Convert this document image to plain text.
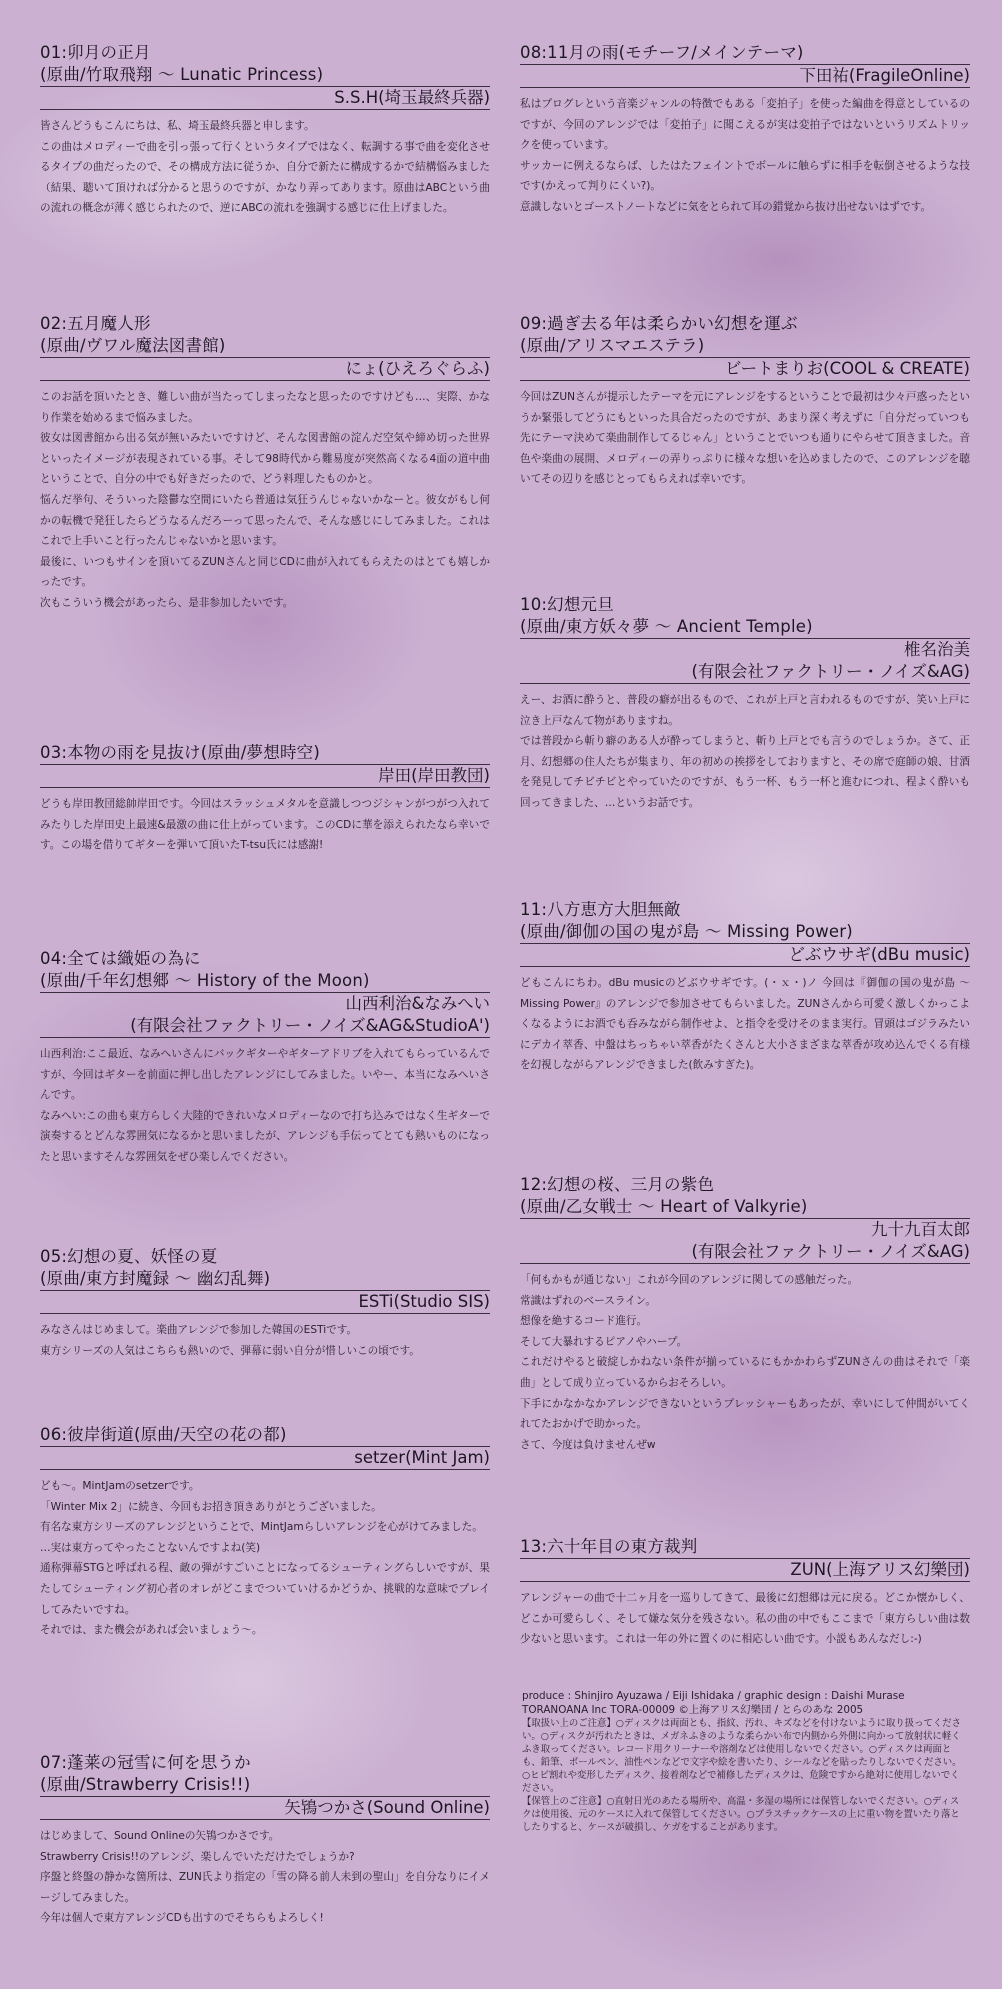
01:卯月の正月
(原曲/竹取飛翔 ～ Lunatic Princess)
S.S.H(埼玉最終兵器)

皆さんどうもこんにちは、私、埼玉最終兵器と申します。

この曲はメロディーで曲を引っ張って行くというタイプではなく、転調する事で曲を変化させるタイプの曲だったので、その構成方法に従うか、自分で新たに構成するかで結構悩みました（結果、聴いて頂ければ分かると思うのですが、かなり弄ってあります。原曲はABCという曲の流れの概念が薄く感じられたので、逆にABCの流れを強調する感じに仕上げました。

02:五月魔人形
(原曲/ヴワル魔法図書館)
にょ(ひえろぐらふ)

このお話を頂いたとき、難しい曲が当たってしまったなと思ったのですけども…、実際、かなり作業を始めるまで悩みました。

彼女は図書館から出る気が無いみたいですけど、そんな図書館の淀んだ空気や締め切った世界といったイメージが表現されている事。そして98時代から難易度が突然高くなる4面の道中曲ということで、自分の中でも好きだったので、どう料理したものかと。

悩んだ挙句、そういった陰鬱な空間にいたら普通は気狂うんじゃないかなーと。彼女がもし何かの転機で発狂したらどうなるんだろーって思ったんで、そんな感じにしてみました。これはこれで上手いこと行ったんじゃないかと思います。

最後に、いつもサインを頂いてるZUNさんと同じCDに曲が入れてもらえたのはとても嬉しかったです。

次もこういう機会があったら、是非参加したいです。

03:本物の雨を見抜け(原曲/夢想時空)
岸田(岸田教団)

どうも岸田教団総帥岸田です。今回はスラッシュメタルを意識しつつジシャンがつがつ入れてみたりした岸田史上最速&最激の曲に仕上がっています。このCDに華を添えられたなら幸いです。この場を借りてギターを弾いて頂いたT-tsu氏には感謝!

04:全ては織姫の為に
(原曲/千年幻想郷 ～ History of the Moon)
山西利治&なみへい
(有限会社ファクトリー・ノイズ&AG&StudioA')

山西利治:ここ最近、なみへいさんにバックギターやギターアドリブを入れてもらっているんですが、今回はギターを前面に押し出したアレンジにしてみました。いやー、本当になみへいさんです。

なみへい:この曲も東方らしく大陸的できれいなメロディーなので打ち込みではなく生ギターで演奏するとどんな雰囲気になるかと思いましたが、アレンジも手伝ってとても熱いものになったと思いますそんな雰囲気をぜひ楽しんでください。

05:幻想の夏、妖怪の夏
(原曲/東方封魔録 ～ 幽幻乱舞)
ESTi(Studio SIS)

みなさんはじめまして。楽曲アレンジで参加した韓国のESTiです。

東方シリーズの人気はこちらも熱いので、弾幕に弱い自分が惜しいこの頃です。

06:彼岸街道(原曲/天空の花の都)
setzer(Mint Jam)

ども～。MintJamのsetzerです。

「Winter Mix 2」に続き、今回もお招き頂きありがとうございました。

有名な東方シリーズのアレンジということで、MintJamらしいアレンジを心がけてみました。

…実は東方ってやったことないんですよね(笑)

通称弾幕STGと呼ばれる程、敵の弾がすごいことになってるシューティングらしいですが、果たしてシューティング初心者のオレがどこまでついていけるかどうか、挑戦的な意味でプレイしてみたいですね。

それでは、また機会があれば会いましょう～。

07:蓬莱の冠雪に何を思うか
(原曲/Strawberry Crisis!!)
矢鴇つかさ(Sound Online)

はじめまして、Sound Onlineの矢鴇つかさです。

Strawberry Crisis!!のアレンジ、楽しんでいただけたでしょうか?

序盤と終盤の静かな箇所は、ZUN氏より指定の「雪の降る前人未到の聖山」を自分なりにイメージしてみました。

今年は個人で東方アレンジCDも出すのでそちらもよろしく!

08:11月の雨(モチーフ/メインテーマ)
下田祐(FragileOnline)

私はプログレという音楽ジャンルの特徴でもある「変拍子」を使った編曲を得意としているのですが、今回のアレンジでは「変拍子」に聞こえるが実は変拍子ではないというリズムトリックを使っています。

サッカーに例えるならば、したはたフェイントでボールに触らずに相手を転倒させるような技です(かえって判りにくい?)。

意識しないとゴーストノートなどに気をとられて耳の錯覚から抜け出せないはずです。

09:過ぎ去る年は柔らかい幻想を運ぶ
(原曲/アリスマエステラ)
ビートまりお(COOL & CREATE)

今回はZUNさんが提示したテーマを元にアレンジをするということで最初は少々戸惑ったというか緊張してどうにもといった具合だったのですが、あまり深く考えずに「自分だっていつも先にテーマ決めて楽曲制作してるじゃん」ということでいつも通りにやらせて頂きました。音色や楽曲の展開、メロディーの弄りっぷりに様々な想いを込めましたので、このアレンジを聴いてその辺りを感じとってもらえれば幸いです。

10:幻想元旦
(原曲/東方妖々夢 ～ Ancient Temple)
椎名治美
(有限会社ファクトリー・ノイズ&AG)

えー、お酒に酔うと、普段の癖が出るもので、これが上戸と言われるものですが、笑い上戸に泣き上戸なんて物がありますね。

では普段から斬り癖のある人が酔ってしまうと、斬り上戸とでも言うのでしょうか。さて、正月、幻想郷の住人たちが集まり、年の初めの挨拶をしておりますと、その席で庭師の娘、甘酒を発見してチビチビとやっていたのですが、もう一杯、もう一杯と進むにつれ、程よく酔いも回ってきました、…というお話です。

11:八方恵方大胆無敵
(原曲/御伽の国の鬼が島 ～ Missing Power)
どぶウサギ(dBu music)

どもこんにちわ。dBu musicのどぶウサギです。(・ｘ・)ノ 今回は『御伽の国の鬼が島 ～ Missing Power』のアレンジで参加させてもらいました。ZUNさんから可愛く激しくかっこよくなるようにお酒でも呑みながら制作せよ、と指令を受けそのまま実行。冒頭はゴジラみたいにデカイ萃香、中盤はちっちゃい萃香がたくさんと大小さまざまな萃香が攻め込んでくる有様を幻視しながらアレンジできました(飲みすぎた)。

12:幻想の桜、三月の紫色
(原曲/乙女戦士 ～ Heart of Valkyrie)
九十九百太郎
(有限会社ファクトリー・ノイズ&AG)

「何もかもが通じない」これが今回のアレンジに関しての感触だった。

常識はずれのベースライン。

想像を絶するコード進行。

そして大暴れするピアノやハープ。

これだけやると破綻しかねない条件が揃っているにもかかわらずZUNさんの曲はそれで「楽曲」として成り立っているからおそろしい。

下手にかなかなかアレンジできないというプレッシャーもあったが、幸いにして仲間がいてくれてたおかげで助かった。

さて、今度は負けませんぜw

13:六十年目の東方裁判
ZUN(上海アリス幻樂団)

アレンジャーの曲で十二ヶ月を一巡りしてきて、最後に幻想郷は元に戻る。どこか懐かしく、どこか可愛らしく、そして嫌な気分を残さない。私の曲の中でもここまで「東方らしい曲は数少ないと思います。これは一年の外に置くのに相応しい曲です。小説もあんなだし:-)

produce : Shinjiro Ayuzawa / Eiji Ishidaka / graphic design : Daishi Murase
TORANOANA Inc TORA-00009 ©上海アリス幻樂団 / とらのあな 2005

【取扱い上のご注意】○ディスクは両面とも、指紋、汚れ、キズなどを付けないように取り扱ってください。○ディスクが汚れたときは、メガネふきのような柔らかい布で内側から外側に向かって放射状に軽くふき取ってください。レコード用クリーナーや溶剤などは使用しないでください。○ディスクは両面とも、鉛筆、ボールペン、油性ペンなどで文字や絵を書いたり、シールなどを貼ったりしないでください。○ヒビ割れや変形したディスク、接着剤などで補修したディスクは、危険ですから絶対に使用しないでください。

【保管上のご注意】○直射日光のあたる場所や、高温・多湿の場所には保管しないでください。○ディスクは使用後、元のケースに入れて保管してください。○プラスチックケースの上に重い物を置いたり落としたりすると、ケースが破損し、ケガをすることがあります。
